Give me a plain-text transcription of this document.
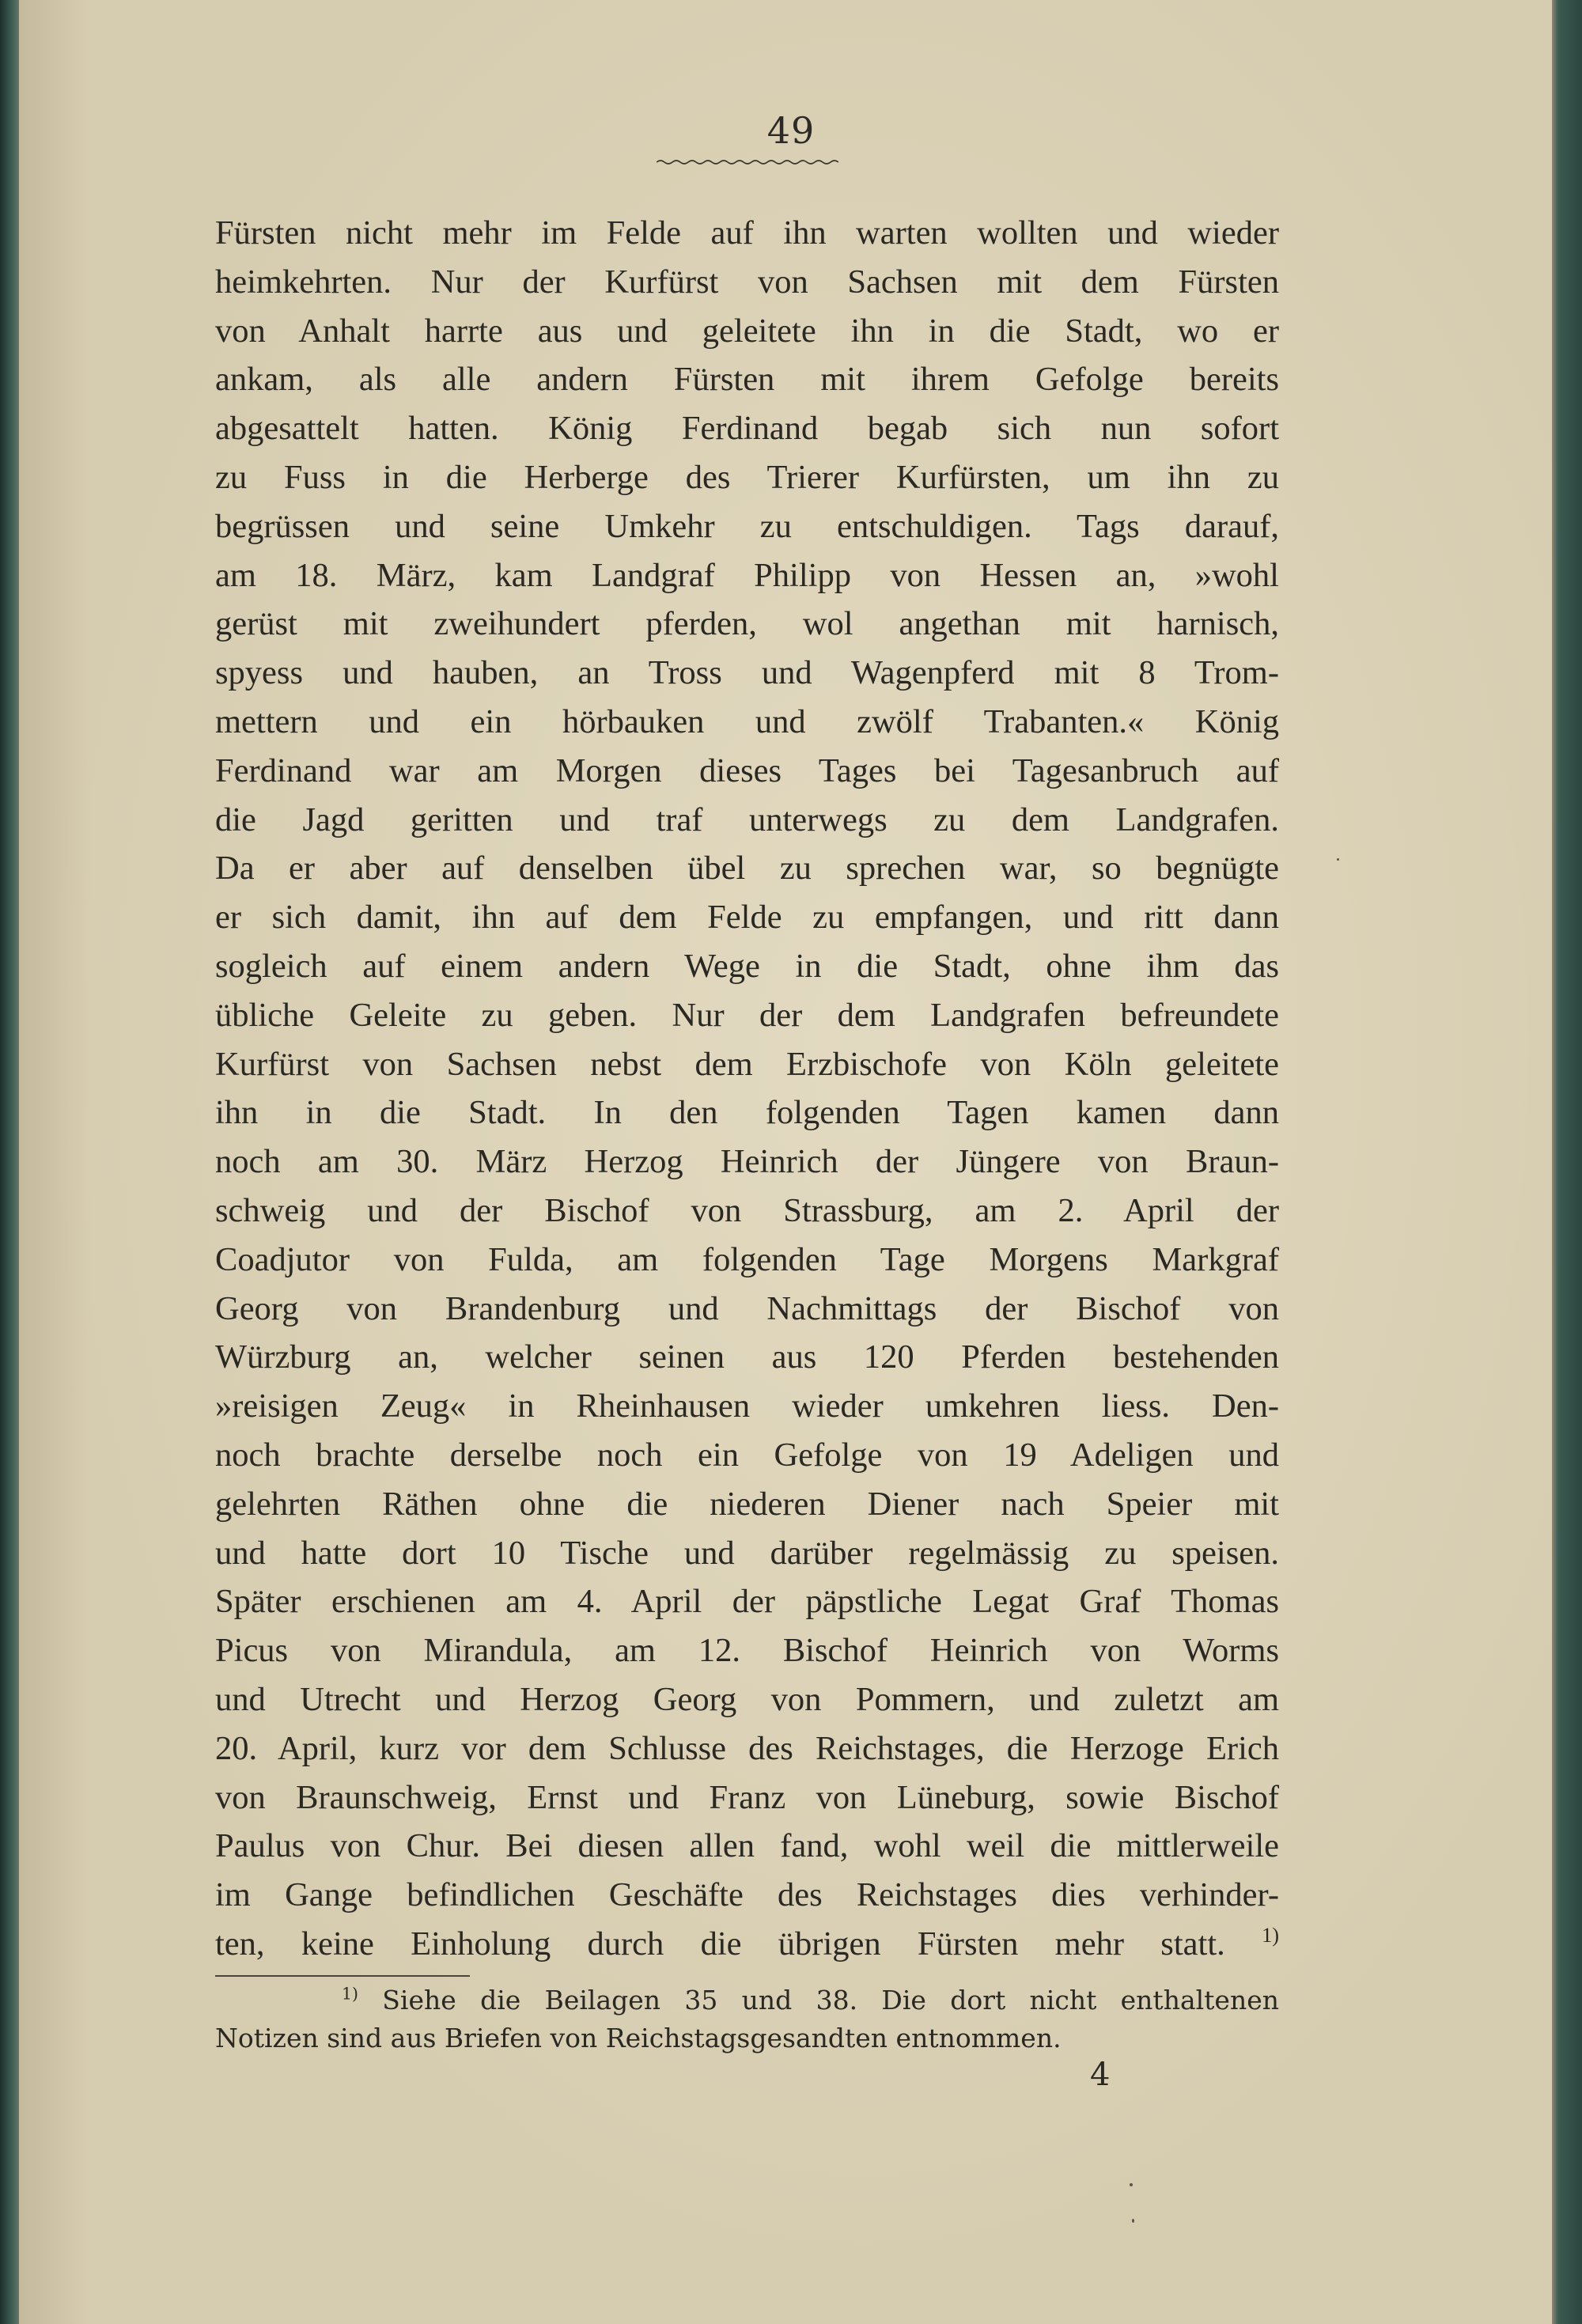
49
Fürsten nicht mehr im Felde auf ihn warten wollten und wieder
heimkehrten. Nur der Kurfürst von Sachsen mit dem Fürsten
von Anhalt harrte aus und geleitete ihn in die Stadt, wo er
ankam, als alle andern Fürsten mit ihrem Gefolge bereits
abgesattelt hatten. König Ferdinand begab sich nun sofort
zu Fuss in die Herberge des Trierer Kurfürsten, um ihn zu
begrüssen und seine Umkehr zu entschuldigen. Tags darauf,
am 18. März, kam Landgraf Philipp von Hessen an, »wohl
gerüst mit zweihundert pferden, wol angethan mit harnisch,
spyess und hauben, an Tross und Wagenpferd mit 8 Trom-
mettern und ein hörbauken und zwölf Trabanten.« König
Ferdinand war am Morgen dieses Tages bei Tagesanbruch auf
die Jagd geritten und traf unterwegs zu dem Landgrafen.
Da er aber auf denselben übel zu sprechen war, so begnügte
er sich damit, ihn auf dem Felde zu empfangen, und ritt dann
sogleich auf einem andern Wege in die Stadt, ohne ihm das
übliche Geleite zu geben. Nur der dem Landgrafen befreundete
Kurfürst von Sachsen nebst dem Erzbischofe von Köln geleitete
ihn in die Stadt. In den folgenden Tagen kamen dann
noch am 30. März Herzog Heinrich der Jüngere von Braun-
schweig und der Bischof von Strassburg, am 2. April der
Coadjutor von Fulda, am folgenden Tage Morgens Markgraf
Georg von Brandenburg und Nachmittags der Bischof von
Würzburg an, welcher seinen aus 120 Pferden bestehenden
»reisigen Zeug« in Rheinhausen wieder umkehren liess. Den-
noch brachte derselbe noch ein Gefolge von 19 Adeligen und
gelehrten Räthen ohne die niederen Diener nach Speier mit
und hatte dort 10 Tische und darüber regelmässig zu speisen.
Später erschienen am 4. April der päpstliche Legat Graf Thomas
Picus von Mirandula, am 12. Bischof Heinrich von Worms
und Utrecht und Herzog Georg von Pommern, und zuletzt am
20. April, kurz vor dem Schlusse des Reichstages, die Herzoge Erich
von Braunschweig, Ernst und Franz von Lüneburg, sowie Bischof
Paulus von Chur. Bei diesen allen fand, wohl weil die mittlerweile
im Gange befindlichen Geschäfte des Reichstages dies verhinder-
ten, keine Einholung durch die übrigen Fürsten mehr statt. $^{1)}$
$^{1)}$ Siehe die Beilagen 35 und 38. Die dort nicht enthaltenen
Notizen sind aus Briefen von Reichstagsgesandten entnommen.
4
